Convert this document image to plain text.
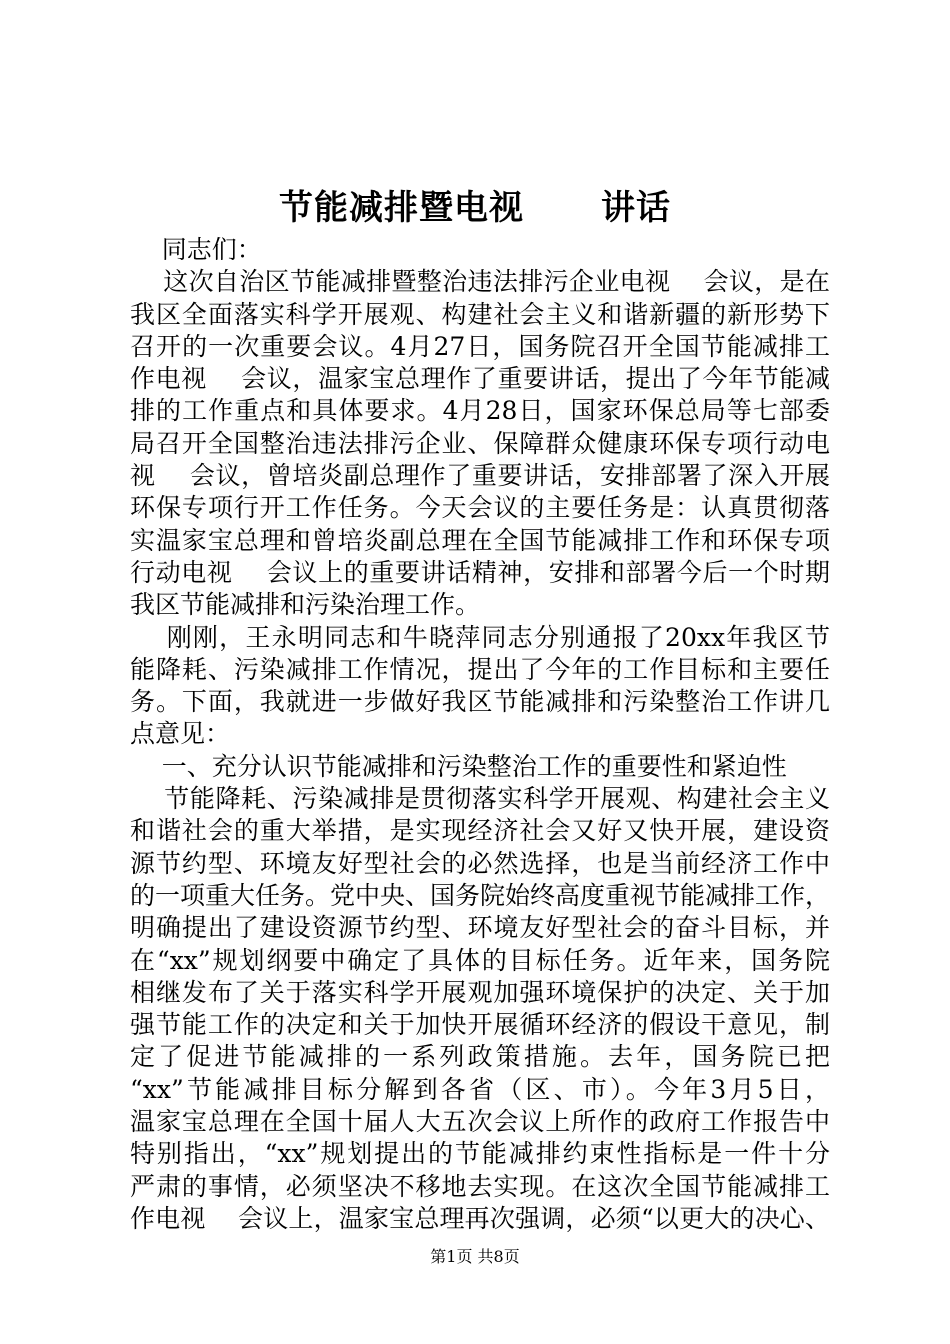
节能减排暨电视      讲话
同志们：
这次自治区节能减排暨整治违法排污企业电视    会议，是在
我区全面落实科学开展观、构建社会主义和谐新疆的新形势下
召开的一次重要会议。4月27日，国务院召开全国节能减排工
作电视    会议，温家宝总理作了重要讲话，提出了今年节能减
排的工作重点和具体要求。4月28日，国家环保总局等七部委
局召开全国整治违法排污企业、保障群众健康环保专项行动电
视    会议，曾培炎副总理作了重要讲话，安排部署了深入开展
环保专项行开工作任务。今天会议的主要任务是：认真贯彻落
实温家宝总理和曾培炎副总理在全国节能减排工作和环保专项
行动电视    会议上的重要讲话精神，安排和部署今后一个时期
我区节能减排和污染治理工作。
刚刚，王永明同志和牛晓萍同志分别通报了20xx年我区节
能降耗、污染减排工作情况，提出了今年的工作目标和主要任
务。下面，我就进一步做好我区节能减排和污染整治工作讲几
点意见：
一、充分认识节能减排和污染整治工作的重要性和紧迫性
节能降耗、污染减排是贯彻落实科学开展观、构建社会主义
和谐社会的重大举措，是实现经济社会又好又快开展，建设资
源节约型、环境友好型社会的必然选择，也是当前经济工作中
的一项重大任务。党中央、国务院始终高度重视节能减排工作，
明确提出了建设资源节约型、环境友好型社会的奋斗目标，并
在“xx”规划纲要中确定了具体的目标任务。近年来，国务院
相继发布了关于落实科学开展观加强环境保护的决定、关于加
强节能工作的决定和关于加快开展循环经济的假设干意见，制
定了促进节能减排的一系列政策措施。去年，国务院已把
“xx”节能减排目标分解到各省（区、市）。今年3月5日，
温家宝总理在全国十届人大五次会议上所作的政府工作报告中
特别指出，“xx”规划提出的节能减排约束性指标是一件十分
严肃的事情，必须坚决不移地去实现。在这次全国节能减排工
作电视    会议上，温家宝总理再次强调，必须“以更大的决心、
第1页 共8页
